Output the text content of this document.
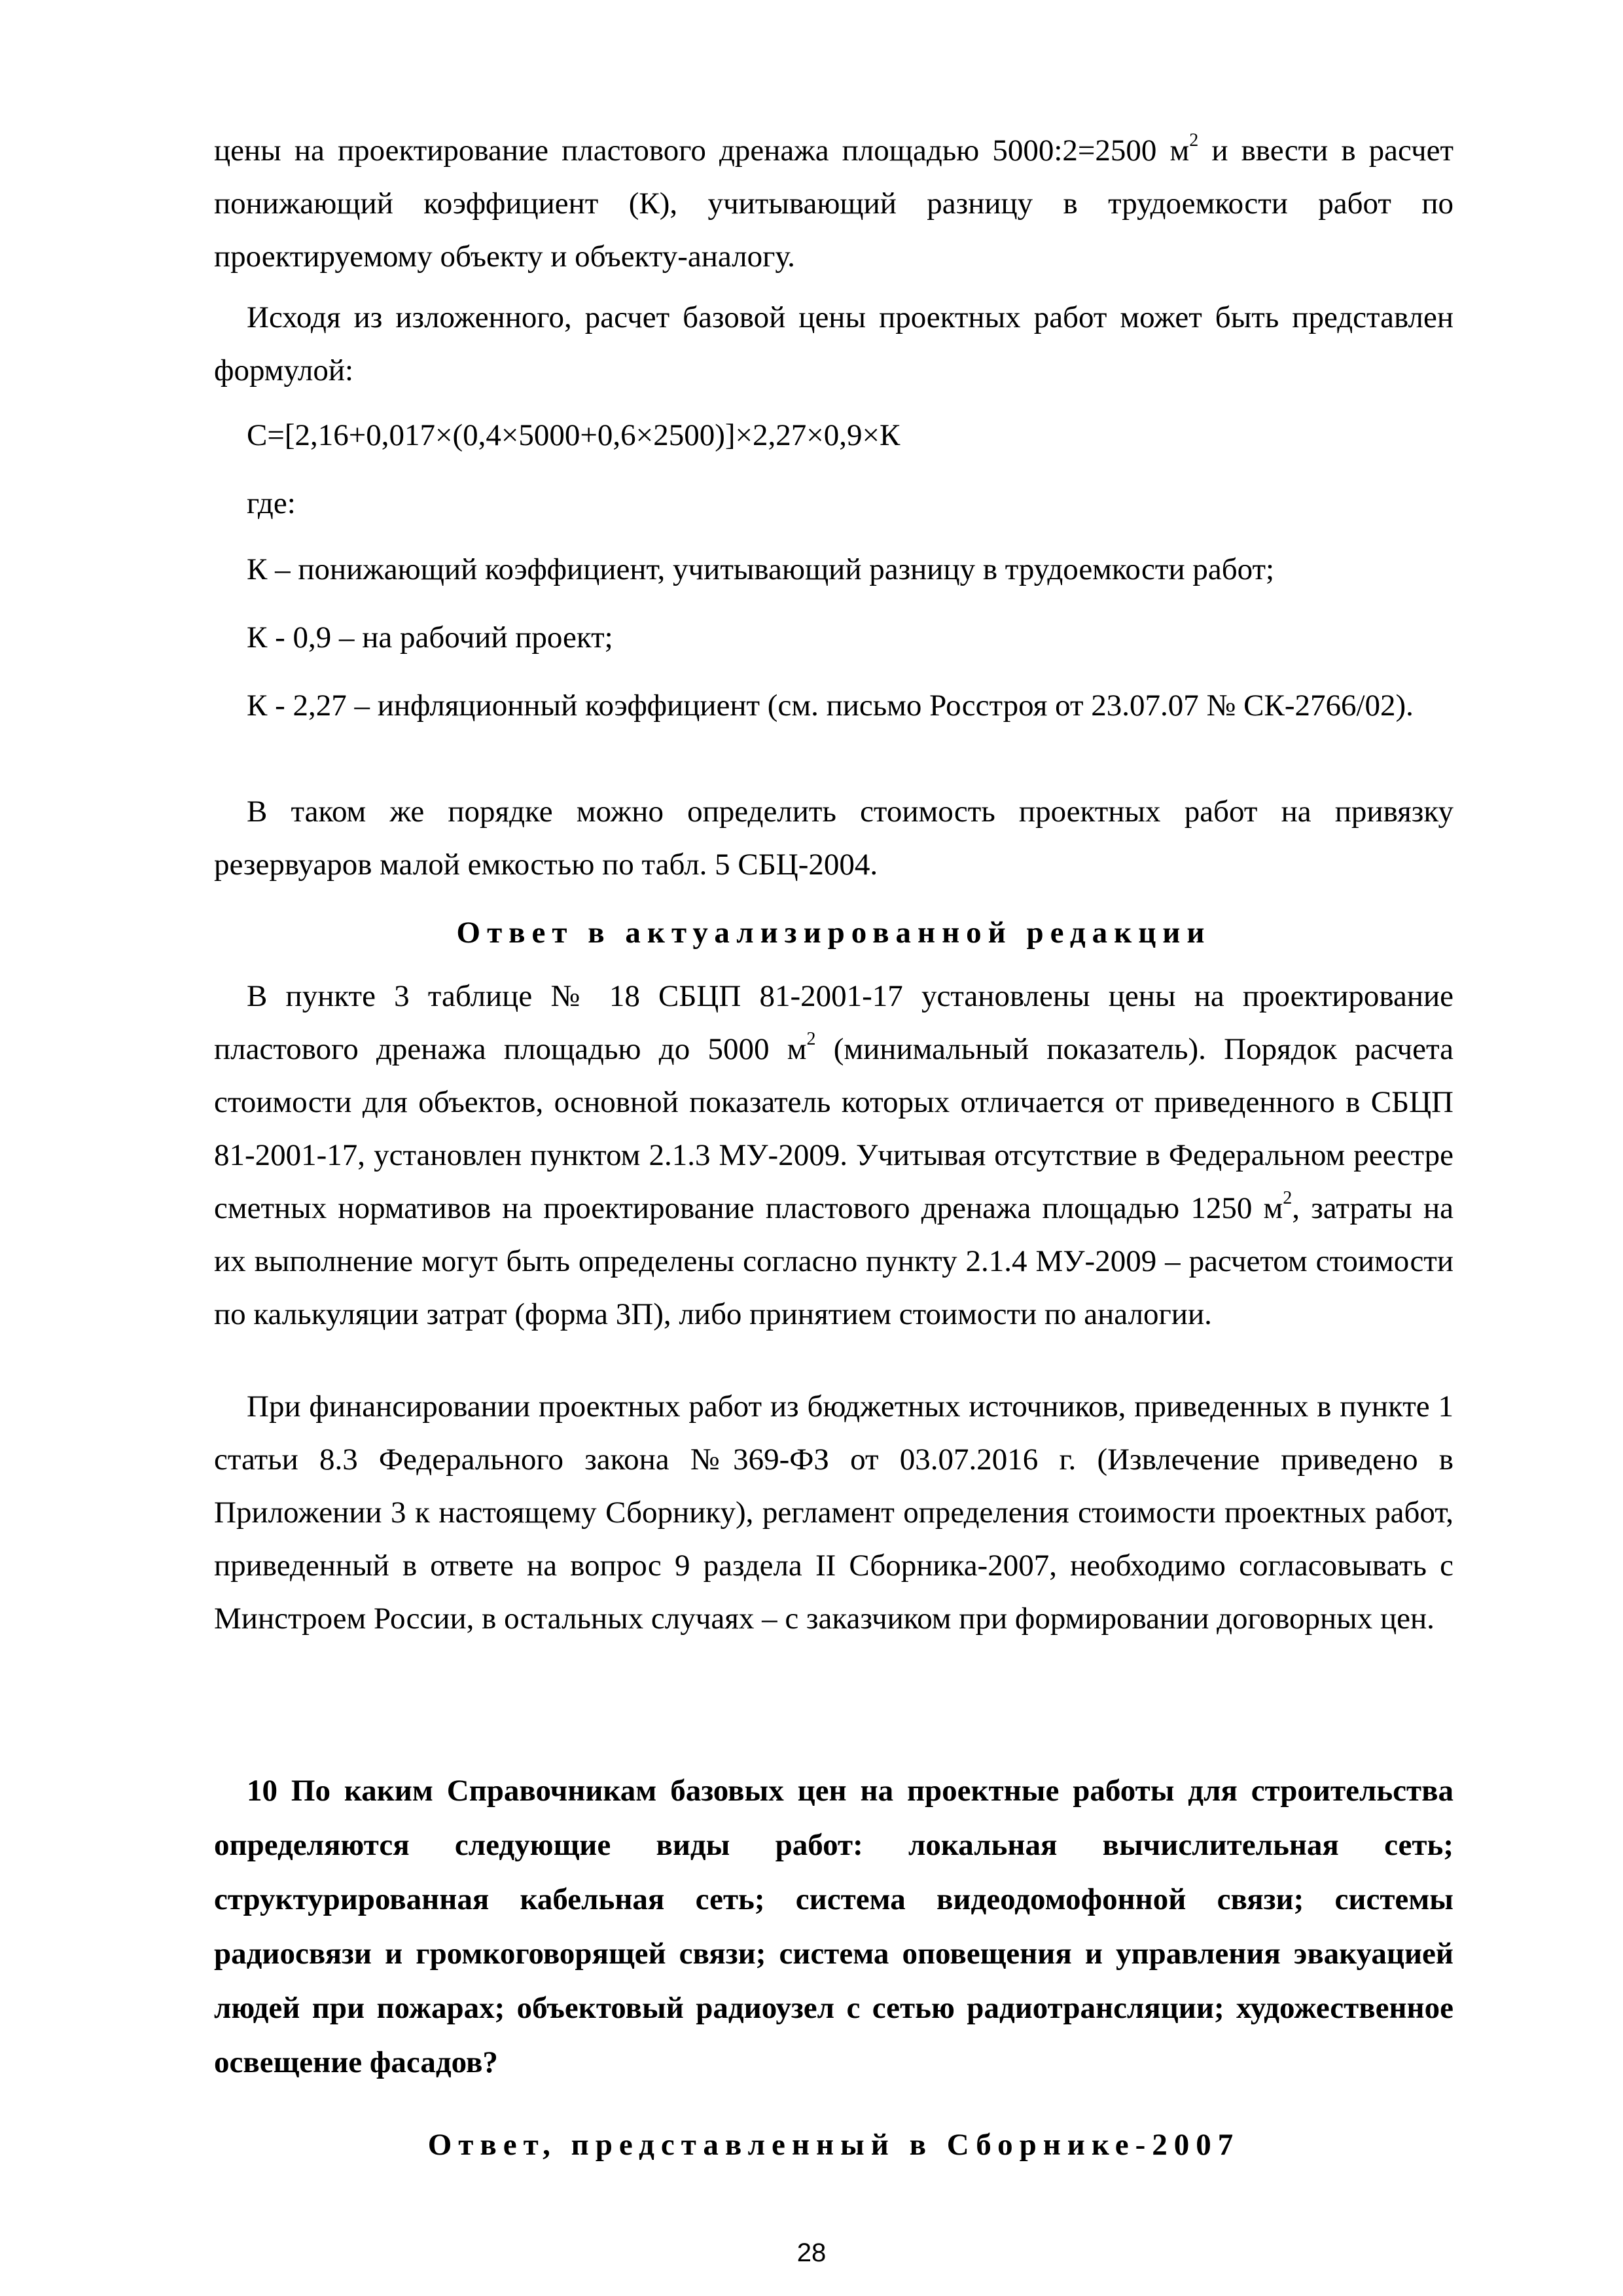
цены на проектирование пластового дренажа площадью 5000:2=2500 $м^2$ и ввести в расчет понижающий коэффициент (К), учитывающий разницу в трудоемкости работ по проектируемому объекту и объекту-аналогу.
Исходя из изложенного, расчет базовой цены проектных работ может быть представлен формулой:
С=[2,16+0,017×(0,4×5000+0,6×2500)]×2,27×0,9×К
где:
К – понижающий коэффициент, учитывающий разницу в трудоемкости работ;
К - 0,9 – на рабочий проект;
К - 2,27 – инфляционный коэффициент (см. письмо Росстроя от 23.07.07 № СК-2766/02).
В таком же порядке можно определить стоимость проектных работ на привязку резервуаров малой емкостью по табл. 5 СБЦ-2004.
Ответ в актуализированной редакции
В пункте 3 таблице № 18 СБЦП 81-2001-17 установлены цены на проектирование пластового дренажа площадью до 5000 $м^2$ (минимальный показатель). Порядок расчета стоимости для объектов, основной показатель которых отличается от приведенного в СБЦП 81-2001-17, установлен пунктом 2.1.3 МУ-2009. Учитывая отсутствие в Федеральном реестре сметных нормативов на проектирование пластового дренажа площадью 1250 $м^2$, затраты на их выполнение могут быть определены согласно пункту 2.1.4 МУ-2009 – расчетом стоимости по калькуляции затрат (форма 3П), либо принятием стоимости по аналогии.
При финансировании проектных работ из бюджетных источников, приведенных в пункте 1 статьи 8.3 Федерального закона №369-ФЗ от 03.07.2016 г. (Извлечение приведено в Приложении 3 к настоящему Сборнику), регламент определения стоимости проектных работ, приведенный в ответе на вопрос 9 раздела II Сборника-2007, необходимо согласовывать с Минстроем России, в остальных случаях – с заказчиком при формировании договорных цен.
10 По каким Справочникам базовых цен на проектные работы для строительства определяются следующие виды работ: локальная вычислительная сеть; структурированная кабельная сеть; система видеодомофонной связи; системы радиосвязи и громкоговорящей связи; система оповещения и управления эвакуацией людей при пожарах; объектовый радиоузел с сетью радиотрансляции; художественное освещение фасадов?
Ответ, представленный в Сборнике-2007
28
